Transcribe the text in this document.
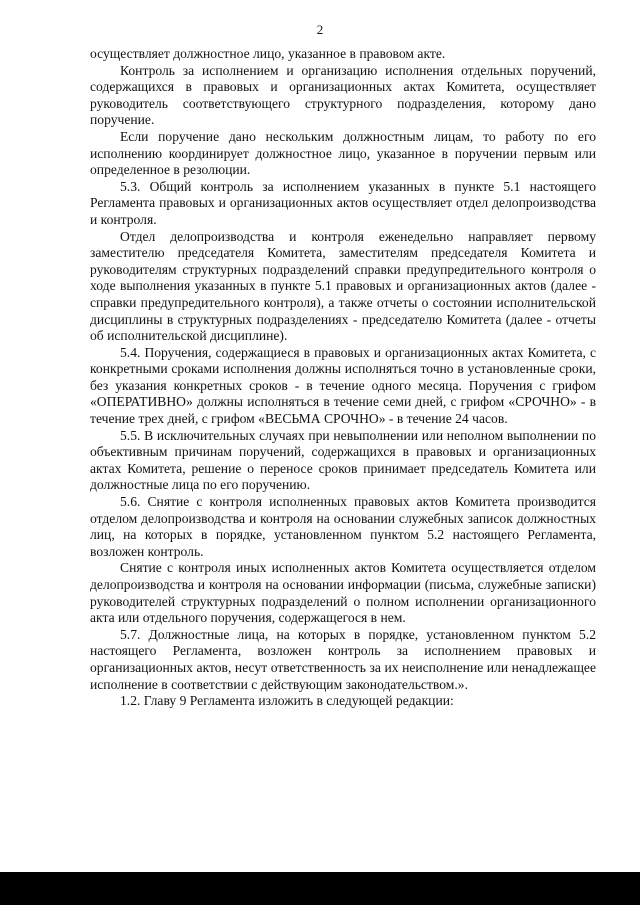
2

осуществляет должностное лицо, указанное в правовом акте.

Контроль за исполнением и организацию исполнения отдельных поручений, содержащихся в правовых и организационных актах Комитета, осуществляет руководитель соответствующего структурного подразделения, которому дано поручение.

Если поручение дано нескольким должностным лицам, то работу по его исполнению координирует должностное лицо, указанное в поручении первым или определенное в резолюции.

5.3. Общий контроль за исполнением указанных в пункте 5.1 настоящего Регламента правовых и организационных актов осуществляет отдел делопроизводства и контроля.

Отдел делопроизводства и контроля еженедельно направляет первому заместителю председателя Комитета, заместителям председателя Комитета и руководителям структурных подразделений справки предупредительного контроля о ходе выполнения указанных в пункте 5.1 правовых и организационных актов (далее - справки предупредительного контроля), а также отчеты о состоянии исполнительской дисциплины в структурных подразделениях - председателю Комитета (далее - отчеты об исполнительской дисциплине).

5.4. Поручения, содержащиеся в правовых и организационных актах Комитета, с конкретными сроками исполнения должны исполняться точно в установленные сроки, без указания конкретных сроков - в течение одного месяца. Поручения с грифом «ОПЕРАТИВНО» должны исполняться в течение семи дней, с грифом «СРОЧНО» - в течение трех дней, с грифом «ВЕСЬМА СРОЧНО» - в течение 24 часов.

5.5. В исключительных случаях при невыполнении или неполном выполнении по объективным причинам поручений, содержащихся в правовых и организационных актах Комитета, решение о переносе сроков принимает председатель Комитета или должностные лица по его поручению.

5.6. Снятие с контроля исполненных правовых актов Комитета производится отделом делопроизводства и контроля на основании служебных записок должностных лиц, на которых в порядке, установленном пунктом 5.2 настоящего Регламента, возложен контроль.

Снятие с контроля иных исполненных актов Комитета осуществляется отделом делопроизводства и контроля на основании информации (письма, служебные записки) руководителей структурных подразделений о полном исполнении организационного акта или отдельного поручения, содержащегося в нем.

5.7. Должностные лица, на которых в порядке, установленном пунктом 5.2 настоящего Регламента, возложен контроль за исполнением правовых и организационных актов, несут ответственность за их неисполнение или ненадлежащее исполнение в соответствии с действующим законодательством.».

1.2. Главу 9 Регламента изложить в следующей редакции:
